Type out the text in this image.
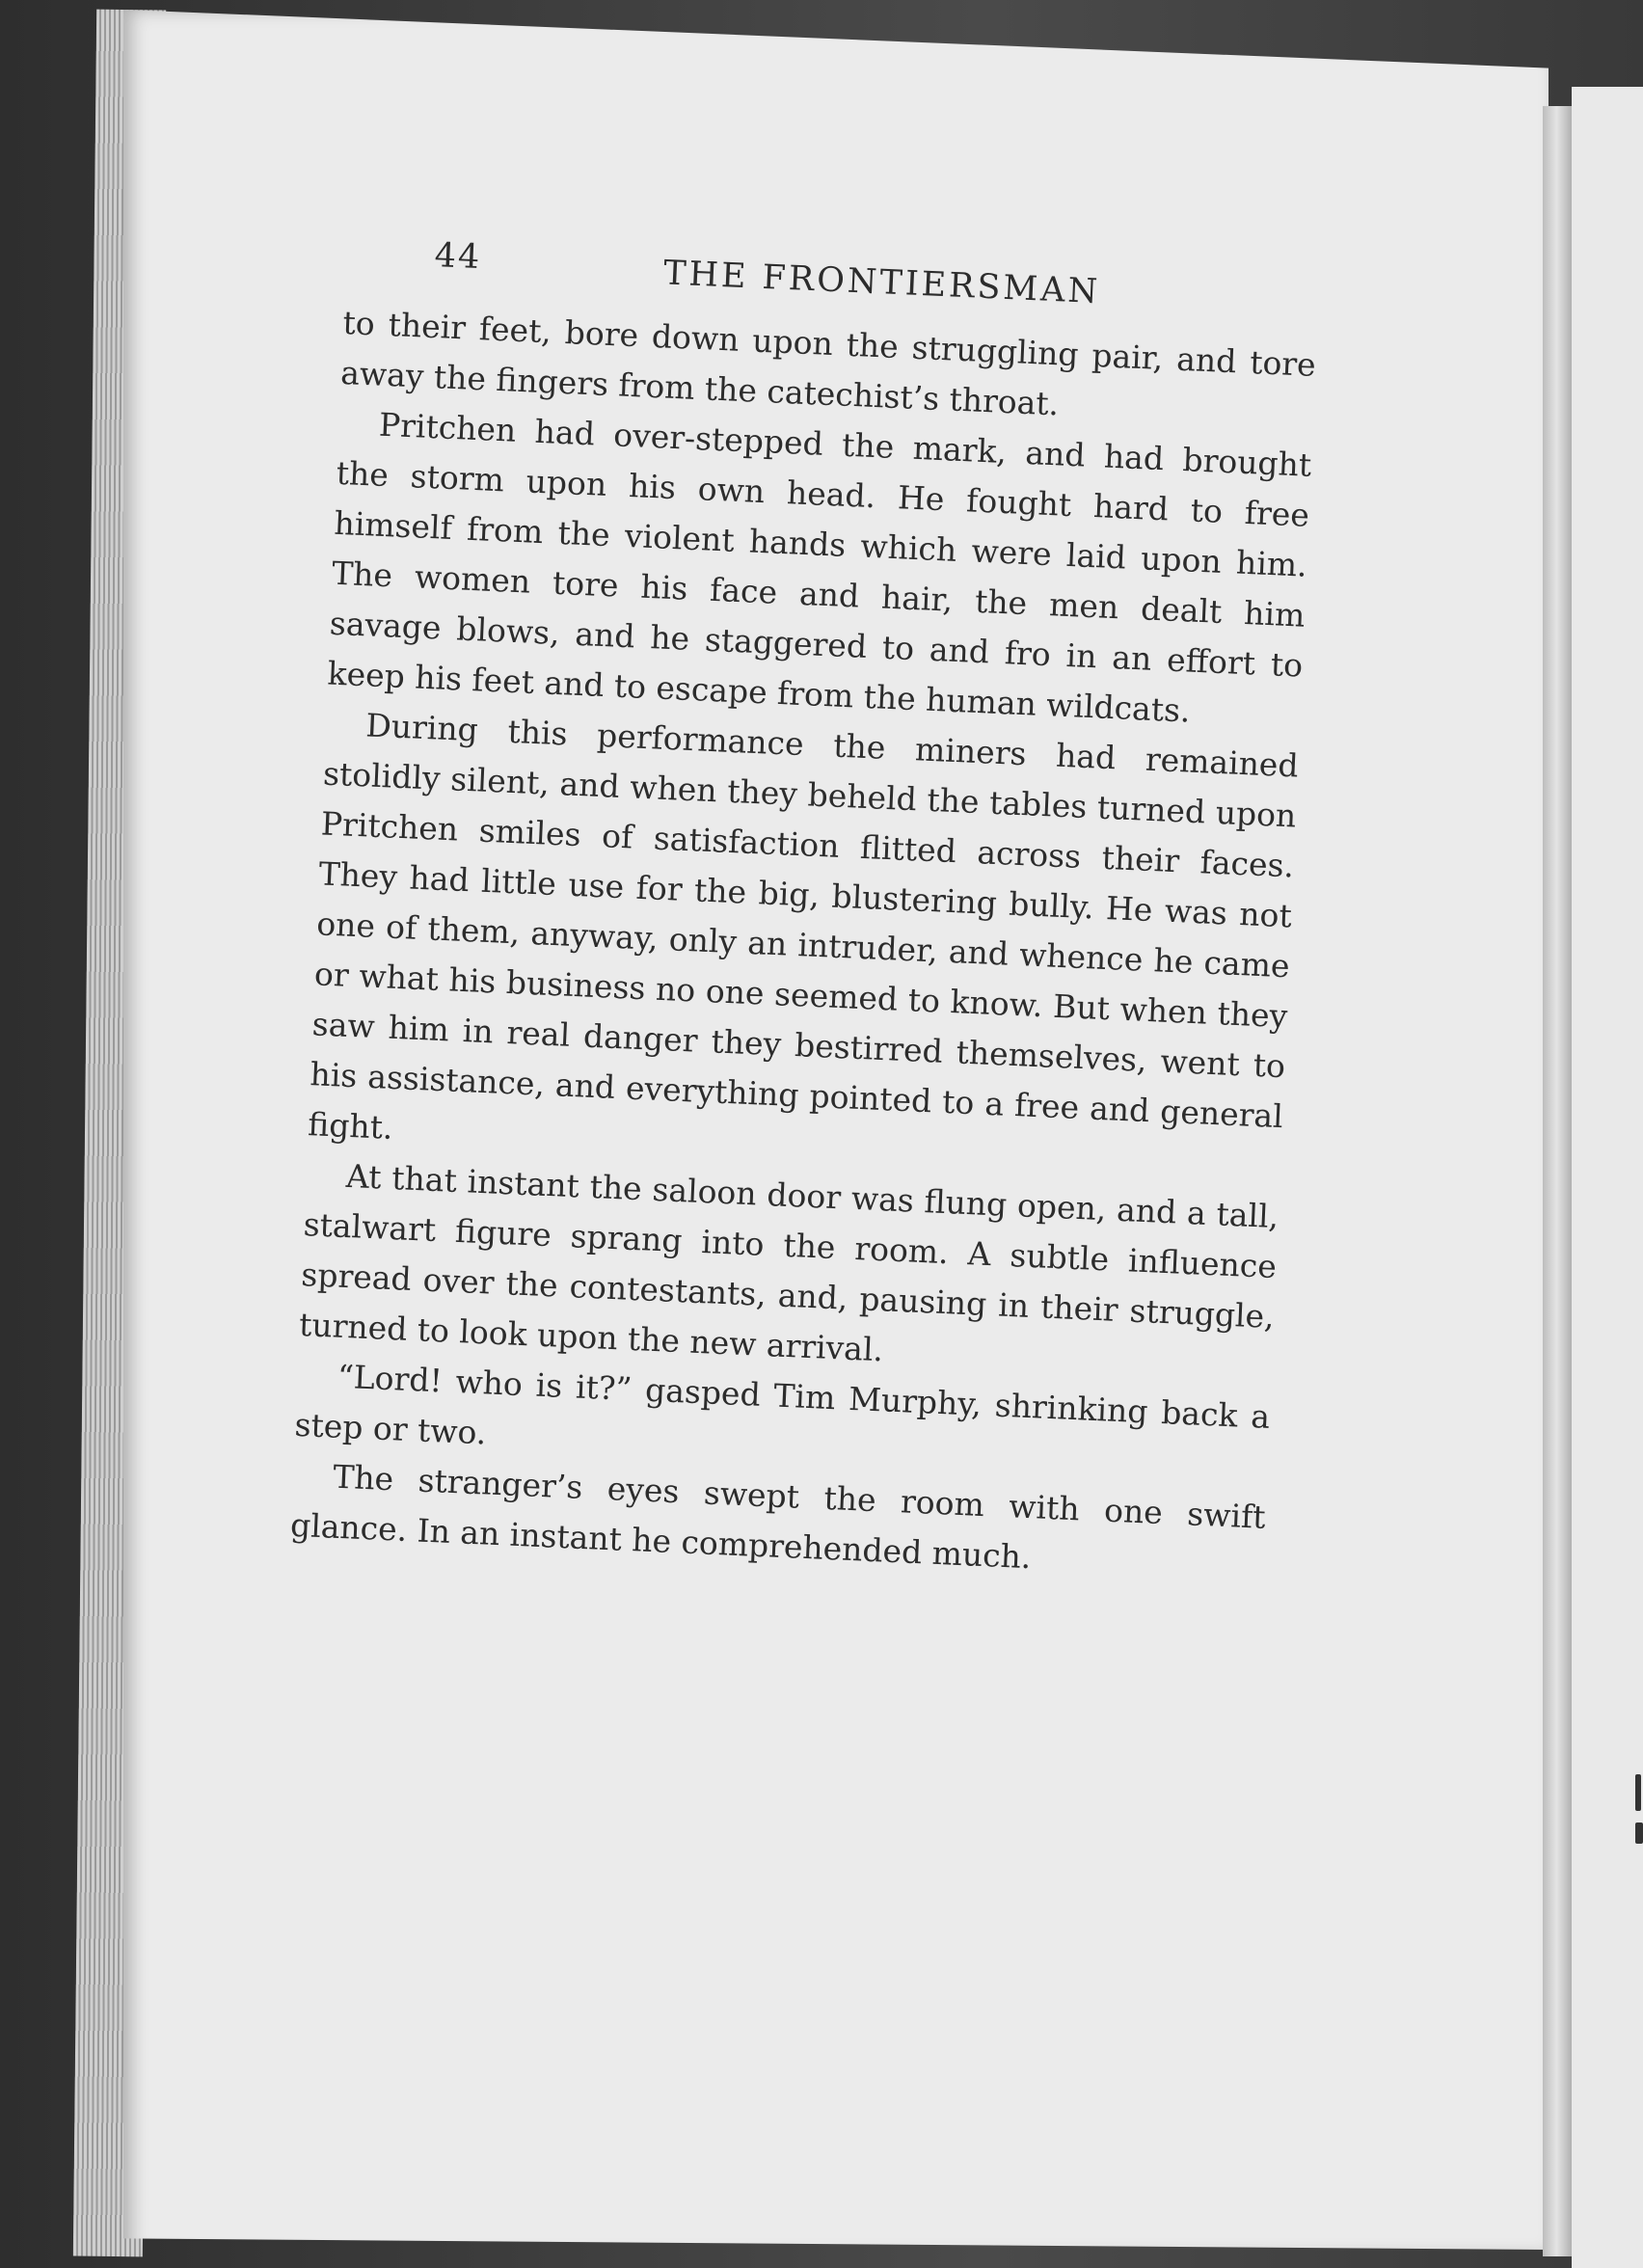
44	THE FRONTIERSMAN

to their feet, bore down upon the struggling pair, and tore away the fingers from the catechist’s throat.

Pritchen had over-stepped the mark, and had brought the storm upon his own head. He fought hard to free himself from the violent hands which were laid upon him. The women tore his face and hair, the men dealt him savage blows, and he staggered to and fro in an effort to keep his feet and to escape from the human wildcats.

During this performance the miners had remained stolidly silent, and when they beheld the tables turned upon Pritchen smiles of satisfaction flitted across their faces. They had little use for the big, blustering bully. He was not one of them, anyway, only an intruder, and whence he came or what his business no one seemed to know. But when they saw him in real danger they bestirred themselves, went to his assistance, and everything pointed to a free and general fight.

At that instant the saloon door was flung open, and a tall, stalwart figure sprang into the room. A subtle influence spread over the contestants, and, pausing in their struggle, turned to look upon the new arrival.

“Lord! who is it?” gasped Tim Murphy, shrinking back a step or two.

The stranger’s eyes swept the room with one swift glance. In an instant he comprehended much.
